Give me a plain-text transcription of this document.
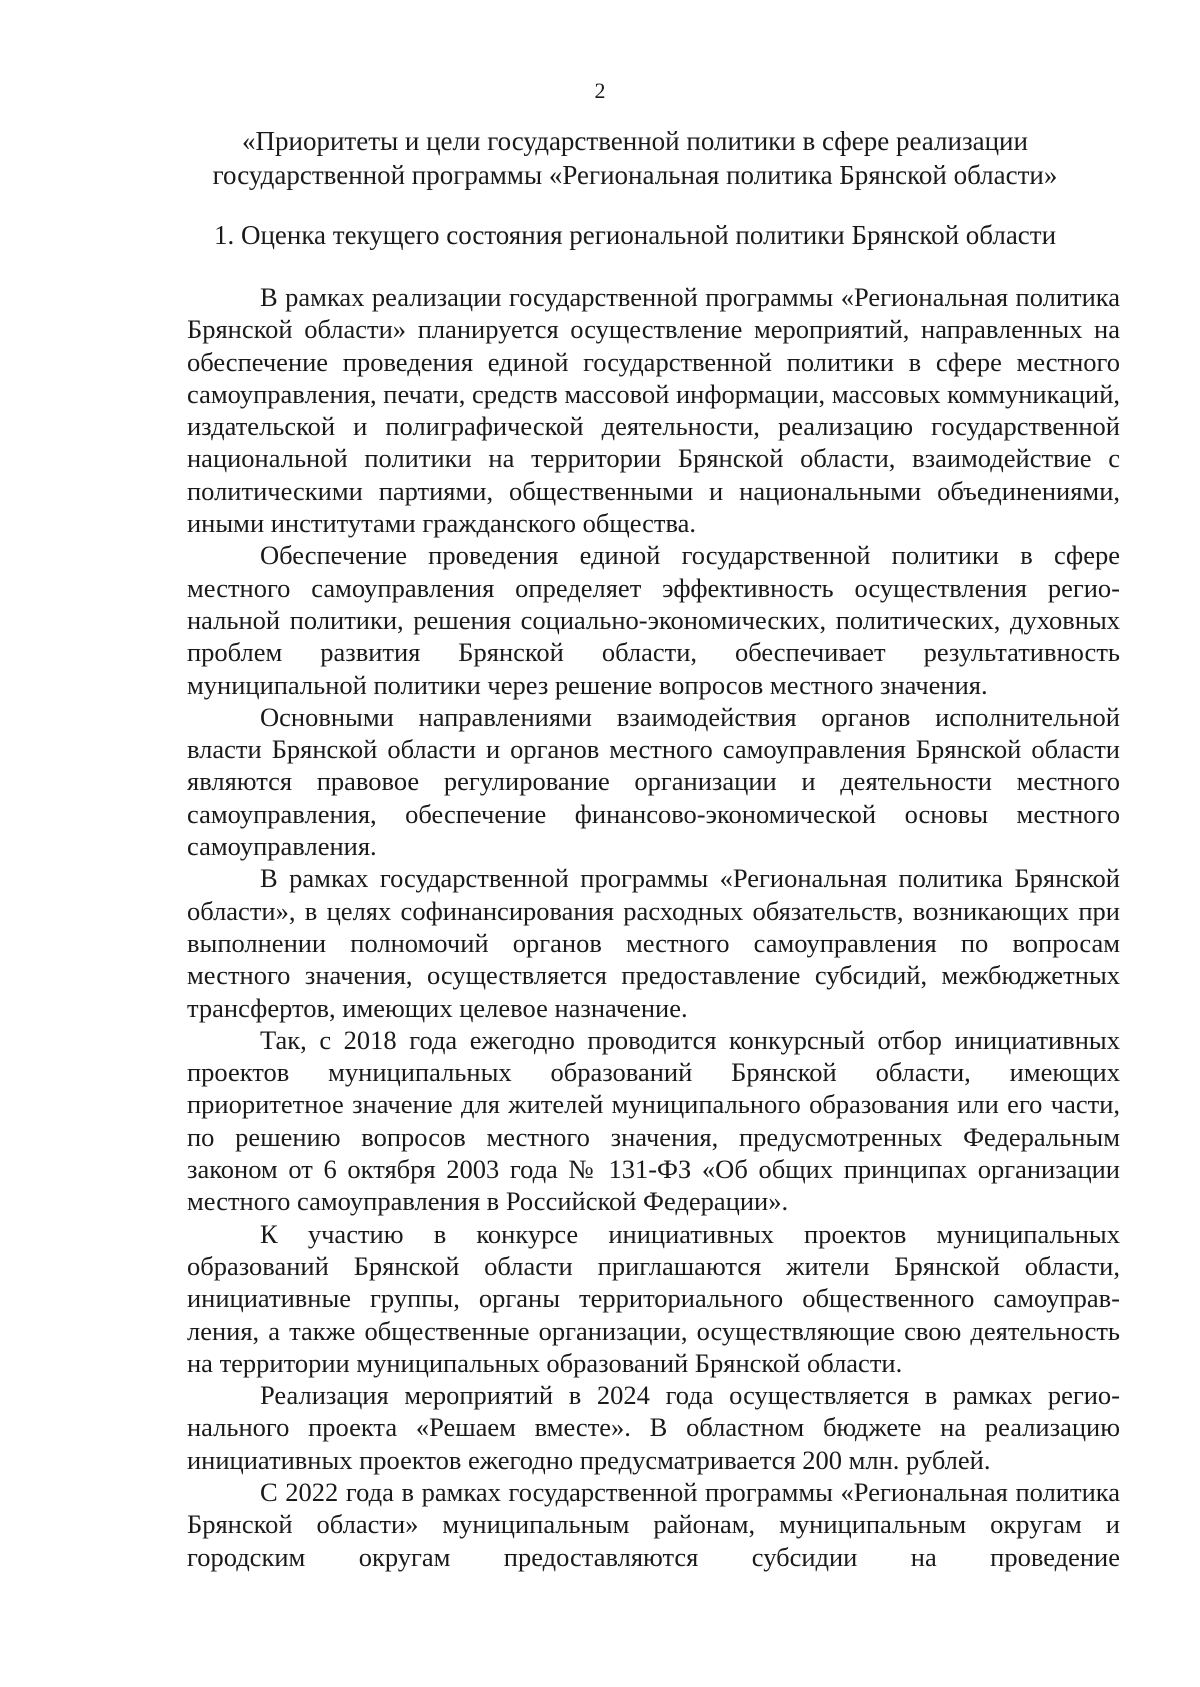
2
«Приоритеты и цели государственной политики в сфере реализации государственной программы «Региональная политика Брянской области»
1. Оценка текущего состояния региональной политики Брянской области

В рамках реализации государственной программы «Региональная политика Брянской области» планируется осуществление мероприятий, направленных на обеспечение проведения единой государственной политики в сфере местного самоуправления, печати, средств массовой информации, массовых коммуникаций, издательской и полиграфической деятельности, реализацию государственной национальной политики на территории Брянской области, взаимодействие с политическими партиями, общественными и национальными объединениями, иными институтами гражданского общества.

Обеспечение проведения единой государственной политики в сфере местного самоуправления определяет эффективность осуществления региональной политики, решения социально-экономических, политических, духовных проблем развития Брянской области, обеспечивает результативность муниципальной политики через решение вопросов местного значения.

Основными направлениями взаимодействия органов исполнительной власти Брянской области и органов местного самоуправления Брянской области являются правовое регулирование организации и деятельности местного самоуправления, обеспечение финансово-экономической основы местного самоуправления.

В рамках государственной программы «Региональная политика Брянской области», в целях софинансирования расходных обязательств, возникающих при выполнении полномочий органов местного самоуправления по вопросам местного значения, осуществляется предоставление субсидий, межбюджетных трансфертов, имеющих целевое назначение.

Так, с 2018 года ежегодно проводится конкурсный отбор инициативных проектов муниципальных образований Брянской области, имеющих приоритетное значение для жителей муниципального образования или его части, по решению вопросов местного значения, предусмотренных Федеральным законом от 6 октября 2003 года № 131-ФЗ «Об общих принципах организации местного самоуправления в Российской Федерации».

К участию в конкурсе инициативных проектов муниципальных образований Брянской области приглашаются жители Брянской области, инициативные группы, органы территориального общественного самоуправления, а также общественные организации, осуществляющие свою деятельность на территории муниципальных образований Брянской области.

Реализация мероприятий в 2024 года осуществляется в рамках регионального проекта «Решаем вместе». В областном бюджете на реализацию инициативных проектов ежегодно предусматривается 200 млн. рублей.

С 2022 года в рамках государственной программы «Региональная политика Брянской области» муниципальным районам, муниципальным округам и городским округам предоставляются субсидии на проведение
